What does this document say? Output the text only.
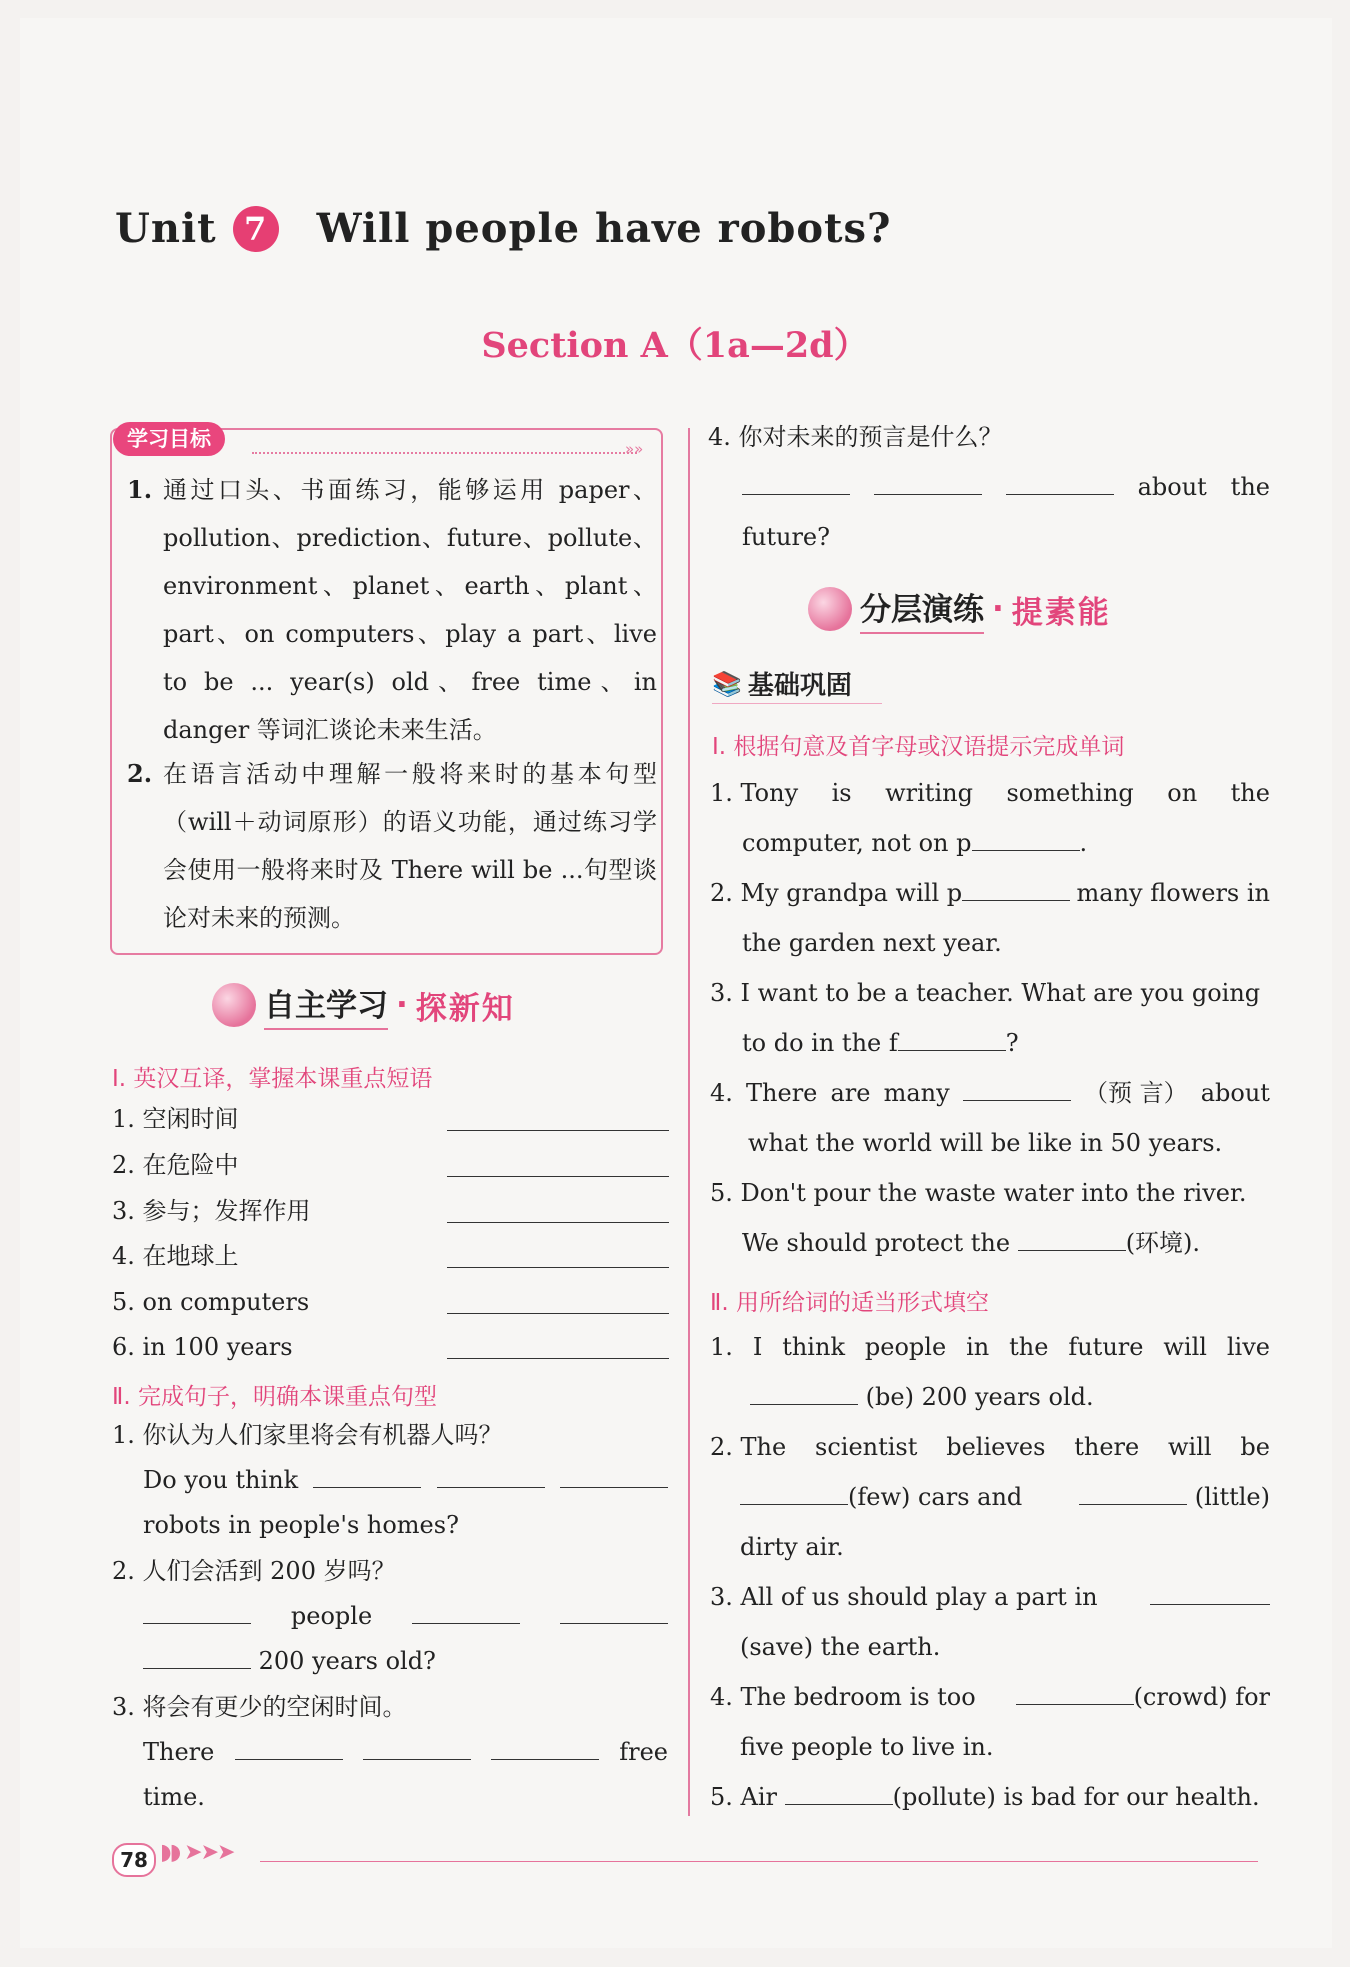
Unit 7 Will people have robots?
Section A（1a—2d）
学习目标	»»
1. 通过口头、书面练习，能够运用 paper、pollution、prediction、future、pollute、environment、planet、earth、plant、part、on computers、play a part、live to be ... year(s) old、free time、in danger 等词汇谈论未来生活。
2. 在语言活动中理解一般将来时的基本句型（will＋动词原形）的语义功能，通过练习学会使用一般将来时及 There will be ...句型谈论对未来的预测。
自主学习 · 探新知
Ⅰ. 英汉互译，掌握本课重点短语
1. 空闲时间
2. 在危险中
3. 参与；发挥作用
4. 在地球上
5. on computers
6. in 100 years
Ⅱ. 完成句子，明确本课重点句型
1. 你认为人们家里将会有机器人吗？
Do you think
robots in people's homes?
2. 人们会活到 200 岁吗？
people
200 years old?
3. 将会有更少的空闲时间。
There	free
time.
4. 你对未来的预言是什么？
about the
future?
分层演练 · 提素能
📚 基础巩固
Ⅰ. 根据句意及首字母或汉语提示完成单词
1. Tony is writing something on the
computer, not on p	.
2. My grandpa will p	many flowers in
the garden next year.
3. I want to be a teacher. What are you going
to do in the f	?
4. There are many	（预 言） about
what the world will be like in 50 years.
5. Don't pour the waste water into the river.
We should protect the	(环境).
Ⅱ. 用所给词的适当形式填空
1. I think people in the future will live
(be) 200 years old.
2. The scientist believes there will be
(few) cars and	(little)
dirty air.
3. All of us should play a part in
(save) the earth.
4. The bedroom is too	(crowd) for
five people to live in.
5. Air	(pollute) is bad for our health.
78 ◗◗ ➤➤➤
